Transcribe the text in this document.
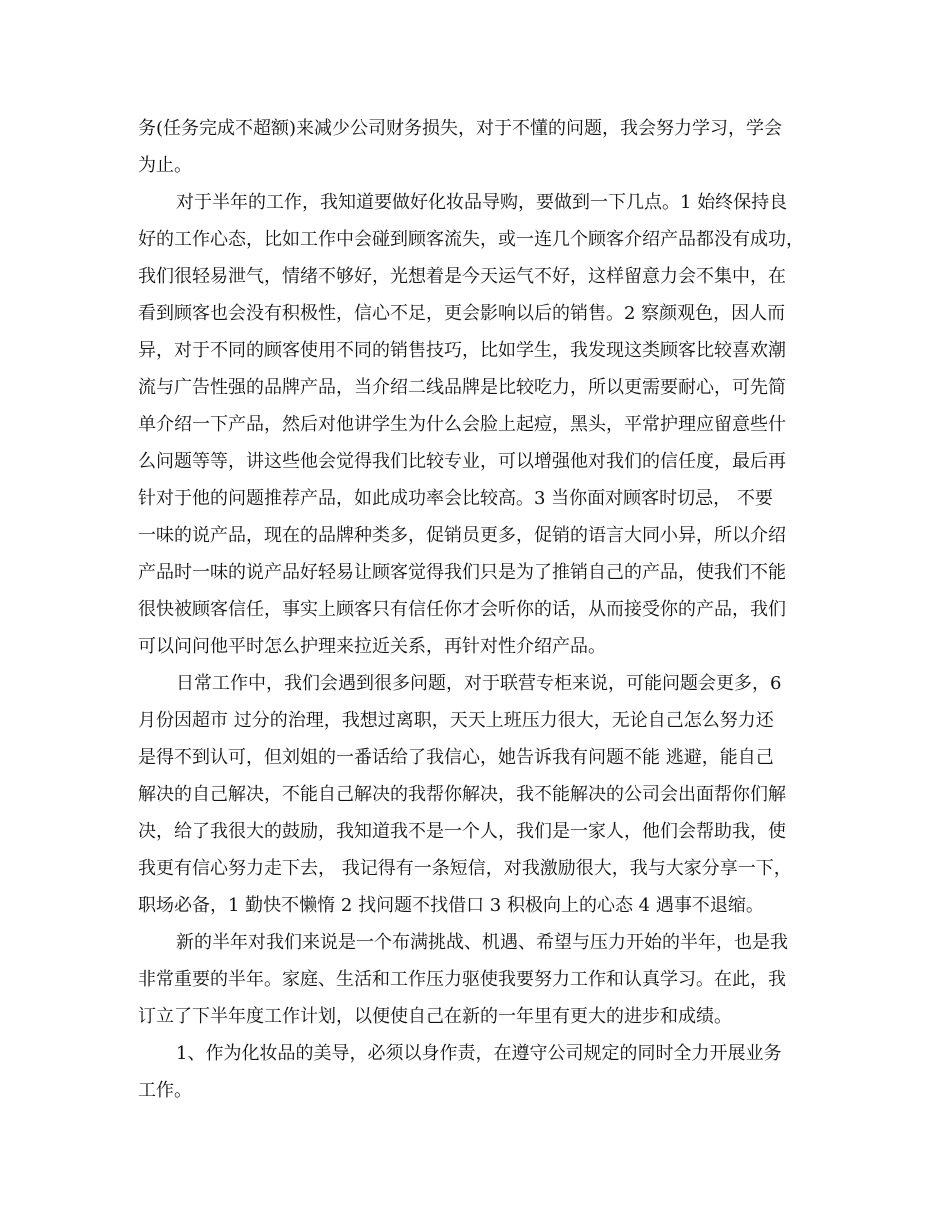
务(任务完成不超额)来减少公司财务损失，对于不懂的问题，我会努力学习，学会
为止。
对于半年的工作，我知道要做好化妆品导购，要做到一下几点。1 始终保持良
好的工作心态，比如工作中会碰到顾客流失，或一连几个顾客介绍产品都没有成功，
我们很轻易泄气，情绪不够好，光想着是今天运气不好，这样留意力会不集中，在
看到顾客也会没有积极性，信心不足，更会影响以后的销售。2 察颜观色，因人而
异，对于不同的顾客使用不同的销售技巧，比如学生，我发现这类顾客比较喜欢潮
流与广告性强的品牌产品，当介绍二线品牌是比较吃力，所以更需要耐心，可先简
单介绍一下产品，然后对他讲学生为什么会脸上起痘，黑头，平常护理应留意些什
么问题等等，讲这些他会觉得我们比较专业，可以增强他对我们的信任度，最后再
针对于他的问题推荐产品，如此成功率会比较高。3 当你面对顾客时切忌， 不要
一味的说产品，现在的品牌种类多，促销员更多，促销的语言大同小异，所以介绍
产品时一味的说产品好轻易让顾客觉得我们只是为了推销自己的产品，使我们不能
很快被顾客信任，事实上顾客只有信任你才会听你的话，从而接受你的产品，我们
可以问问他平时怎么护理来拉近关系，再针对性介绍产品。
日常工作中，我们会遇到很多问题，对于联营专柜来说，可能问题会更多，6
月份因超市 过分的治理，我想过离职，天天上班压力很大，无论自己怎么努力还
是得不到认可，但刘姐的一番话给了我信心，她告诉我有问题不能 逃避，能自己
解决的自己解决，不能自己解决的我帮你解决，我不能解决的公司会出面帮你们解
决，给了我很大的鼓励，我知道我不是一个人，我们是一家人，他们会帮助我，使
我更有信心努力走下去， 我记得有一条短信，对我激励很大，我与大家分享一下，
职场必备，1 勤快不懒惰 2 找问题不找借口 3 积极向上的心态 4 遇事不退缩。
新的半年对我们来说是一个布满挑战、机遇、希望与压力开始的半年，也是我
非常重要的半年。家庭、生活和工作压力驱使我要努力工作和认真学习。在此，我
订立了下半年度工作计划，以便使自己在新的一年里有更大的进步和成绩。
1、作为化妆品的美导，必须以身作责，在遵守公司规定的同时全力开展业务
工作。
